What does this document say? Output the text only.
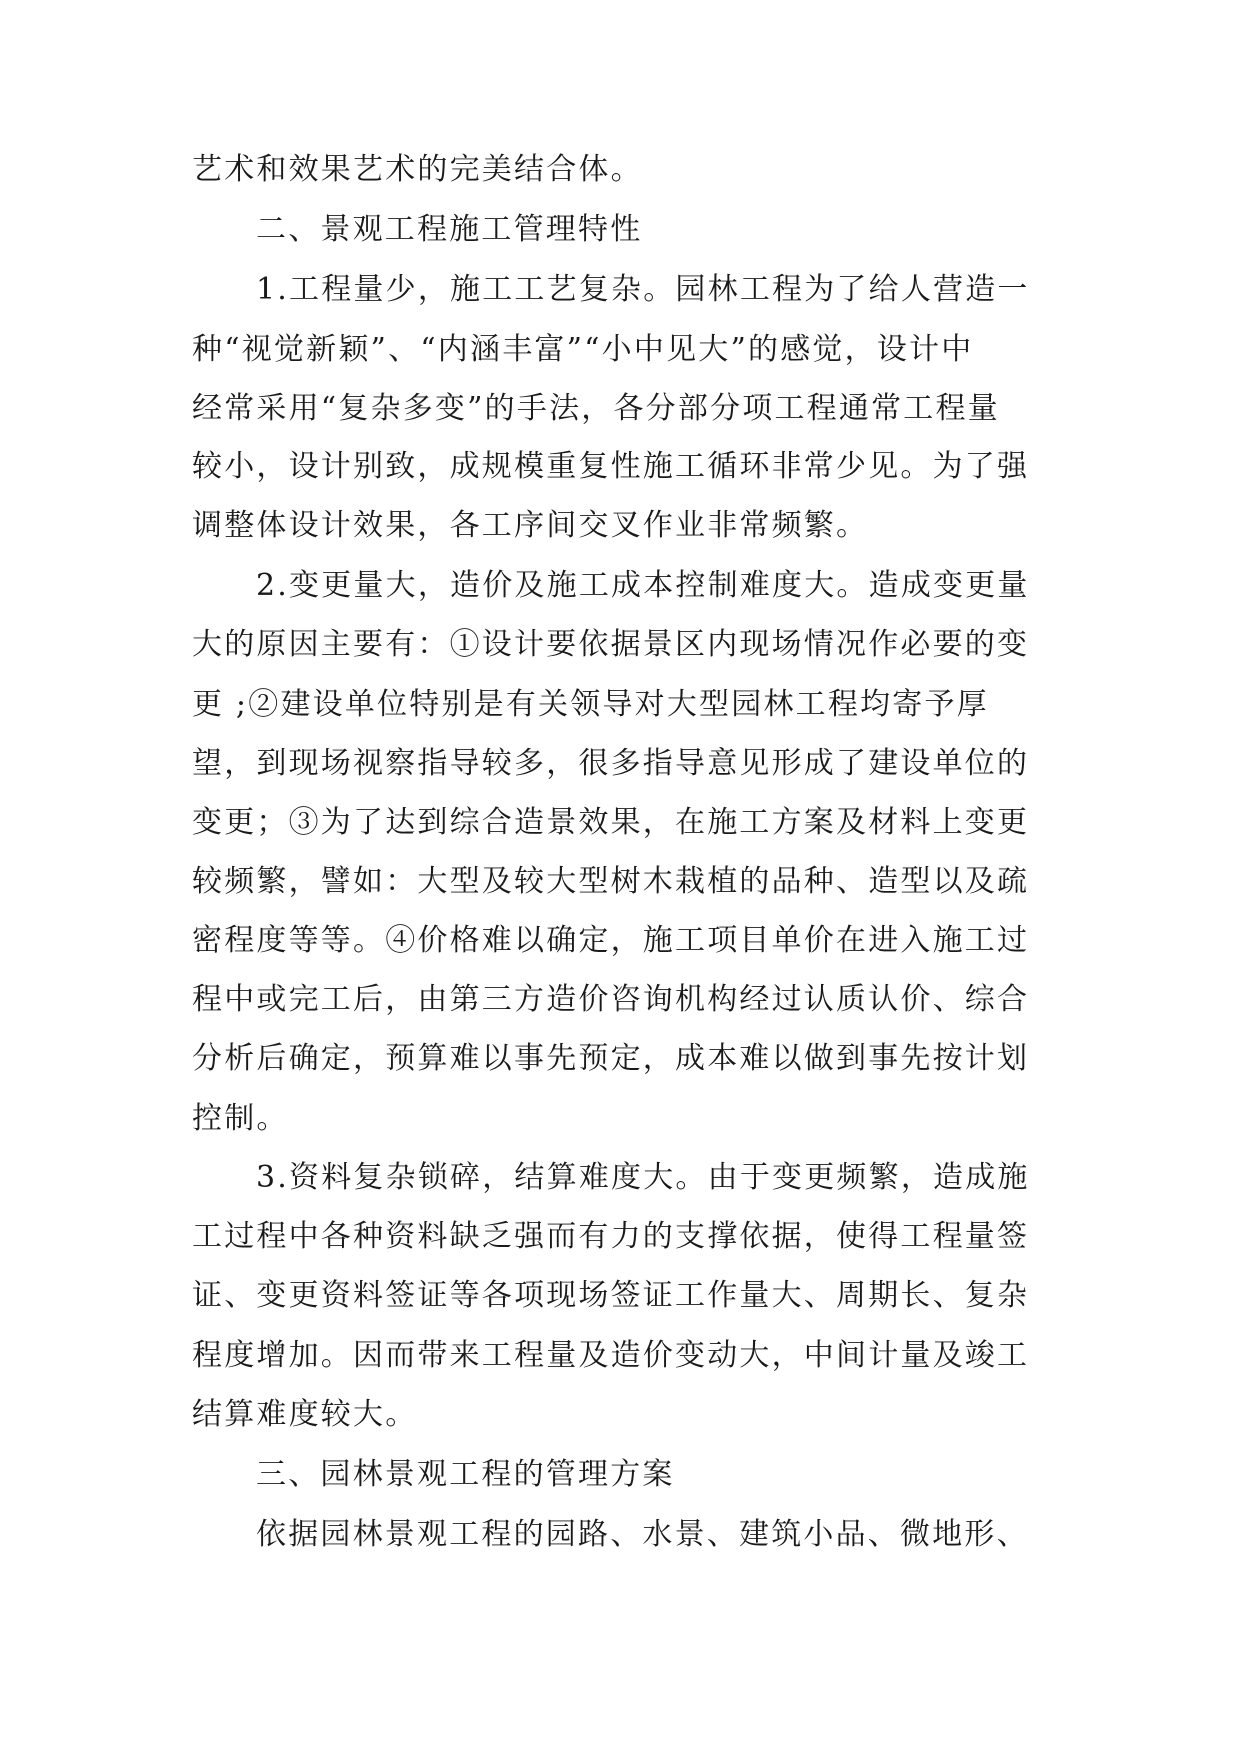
艺术和效果艺术的完美结合体。
二、景观工程施工管理特性
1.工程量少，施工工艺复杂。园林工程为了给人营造一
种“视觉新颖”、“内涵丰富”“小中见大”的感觉，设计中
经常采用“复杂多变”的手法，各分部分项工程通常工程量
较小，设计别致，成规模重复性施工循环非常少见。为了强
调整体设计效果，各工序间交叉作业非常频繁。
2.变更量大，造价及施工成本控制难度大。造成变更量
大的原因主要有：①设计要依据景区内现场情况作必要的变
更 ;②建设单位特别是有关领导对大型园林工程均寄予厚
望，到现场视察指导较多，很多指导意见形成了建设单位的
变更；③为了达到综合造景效果，在施工方案及材料上变更
较频繁，譬如：大型及较大型树木栽植的品种、造型以及疏
密程度等等。④价格难以确定，施工项目单价在进入施工过
程中或完工后，由第三方造价咨询机构经过认质认价、综合
分析后确定，预算难以事先预定，成本难以做到事先按计划
控制。
3.资料复杂锁碎，结算难度大。由于变更频繁，造成施
工过程中各种资料缺乏强而有力的支撑依据，使得工程量签
证、变更资料签证等各项现场签证工作量大、周期长、复杂
程度增加。因而带来工程量及造价变动大，中间计量及竣工
结算难度较大。
三、园林景观工程的管理方案
依据园林景观工程的园路、水景、建筑小品、微地形、
